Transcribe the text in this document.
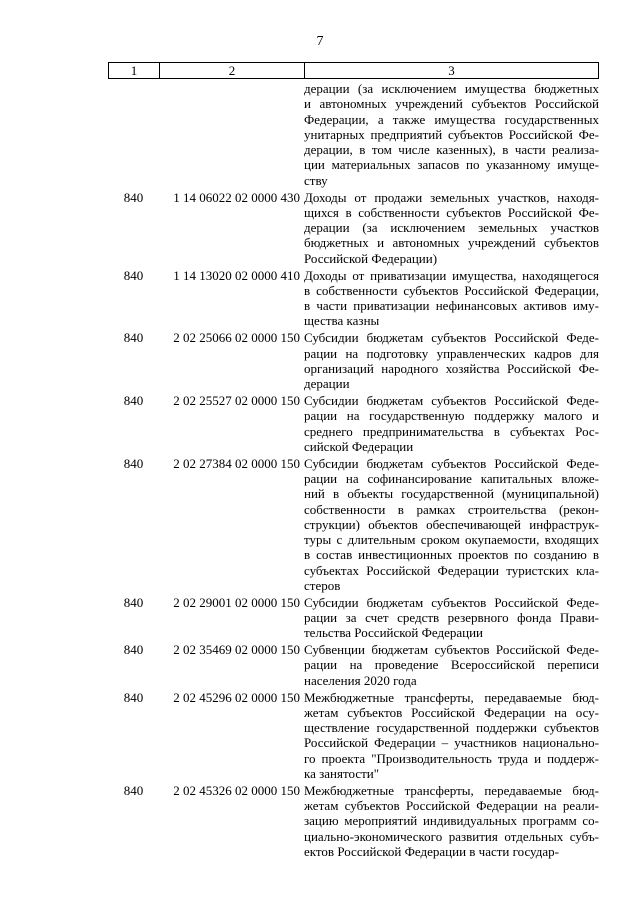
7
1	2	3
дерации (за исключением имущества бюджетных
и автономных учреждений субъектов Российской
Федерации, а также имущества государственных
унитарных предприятий субъектов Российской Фе-
дерации, в том числе казенных), в части реализа-
ции материальных запасов по указанному имуще-
ству
840	1 14 06022 02 0000 430 Доходы от продажи земельных участков, находя-
щихся в собственности субъектов Российской Фе-
дерации (за исключением земельных участков
бюджетных и автономных учреждений субъектов
Российской Федерации)
840	1 14 13020 02 0000 410 Доходы от приватизации имущества, находящегося
в собственности субъектов Российской Федерации,
в части приватизации нефинансовых активов иму-
щества казны
840	2 02 25066 02 0000 150 Субсидии бюджетам субъектов Российской Феде-
рации на подготовку управленческих кадров для
организаций народного хозяйства Российской Фе-
дерации
840	2 02 25527 02 0000 150 Субсидии бюджетам субъектов Российской Феде-
рации на государственную поддержку малого и
среднего предпринимательства в субъектах Рос-
сийской Федерации
840	2 02 27384 02 0000 150 Субсидии бюджетам субъектов Российской Феде-
рации на софинансирование капитальных вложе-
ний в объекты государственной (муниципальной)
собственности в рамках строительства (рекон-
струкции) объектов обеспечивающей инфраструк-
туры с длительным сроком окупаемости, входящих
в состав инвестиционных проектов по созданию в
субъектах Российской Федерации туристских кла-
стеров
840	2 02 29001 02 0000 150 Субсидии бюджетам субъектов Российской Феде-
рации за счет средств резервного фонда Прави-
тельства Российской Федерации
840	2 02 35469 02 0000 150 Субвенции бюджетам субъектов Российской Феде-
рации на проведение Всероссийской переписи
населения 2020 года
840	2 02 45296 02 0000 150 Межбюджетные трансферты, передаваемые бюд-
жетам субъектов Российской Федерации на осу-
ществление государственной поддержки субъектов
Российской Федерации – участников национально-
го проекта "Производительность труда и поддерж-
ка занятости"
840	2 02 45326 02 0000 150 Межбюджетные трансферты, передаваемые бюд-
жетам субъектов Российской Федерации на реали-
зацию мероприятий индивидуальных программ со-
циально-экономического развития отдельных субъ-
ектов Российской Федерации в части государ-
